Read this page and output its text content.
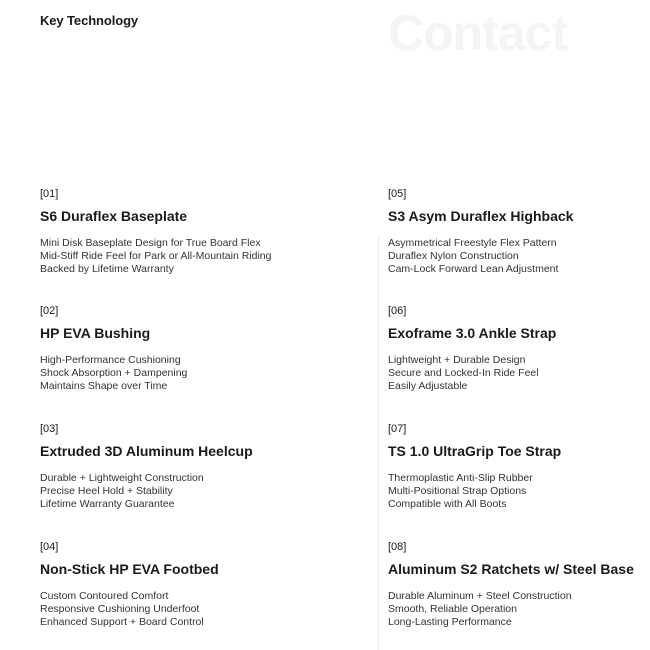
Key Technology	Contact
[01]
S6 Duraflex Baseplate
Mini Disk Baseplate Design for True Board Flex
Mid-Stiff Ride Feel for Park or All-Mountain Riding
Backed by Lifetime Warranty
[02]
HP EVA Bushing
High-Performance Cushioning
Shock Absorption + Dampening
Maintains Shape over Time
[03]
Extruded 3D Aluminum Heelcup
Durable + Lightweight Construction
Precise Heel Hold + Stability
Lifetime Warranty Guarantee
[04]
Non-Stick HP EVA Footbed
Custom Contoured Comfort
Responsive Cushioning Underfoot
Enhanced Support + Board Control
[05]
S3 Asym Duraflex Highback
Asymmetrical Freestyle Flex Pattern
Duraflex Nylon Construction
Cam-Lock Forward Lean Adjustment
[06]
Exoframe 3.0 Ankle Strap
Lightweight + Durable Design
Secure and Locked-In Ride Feel
Easily Adjustable
[07]
TS 1.0 UltraGrip Toe Strap
Thermoplastic Anti-Slip Rubber
Multi-Positional Strap Options
Compatible with All Boots
[08]
Aluminum S2 Ratchets w/ Steel Base
Durable Aluminum + Steel Construction
Smooth, Reliable Operation
Long-Lasting Performance
